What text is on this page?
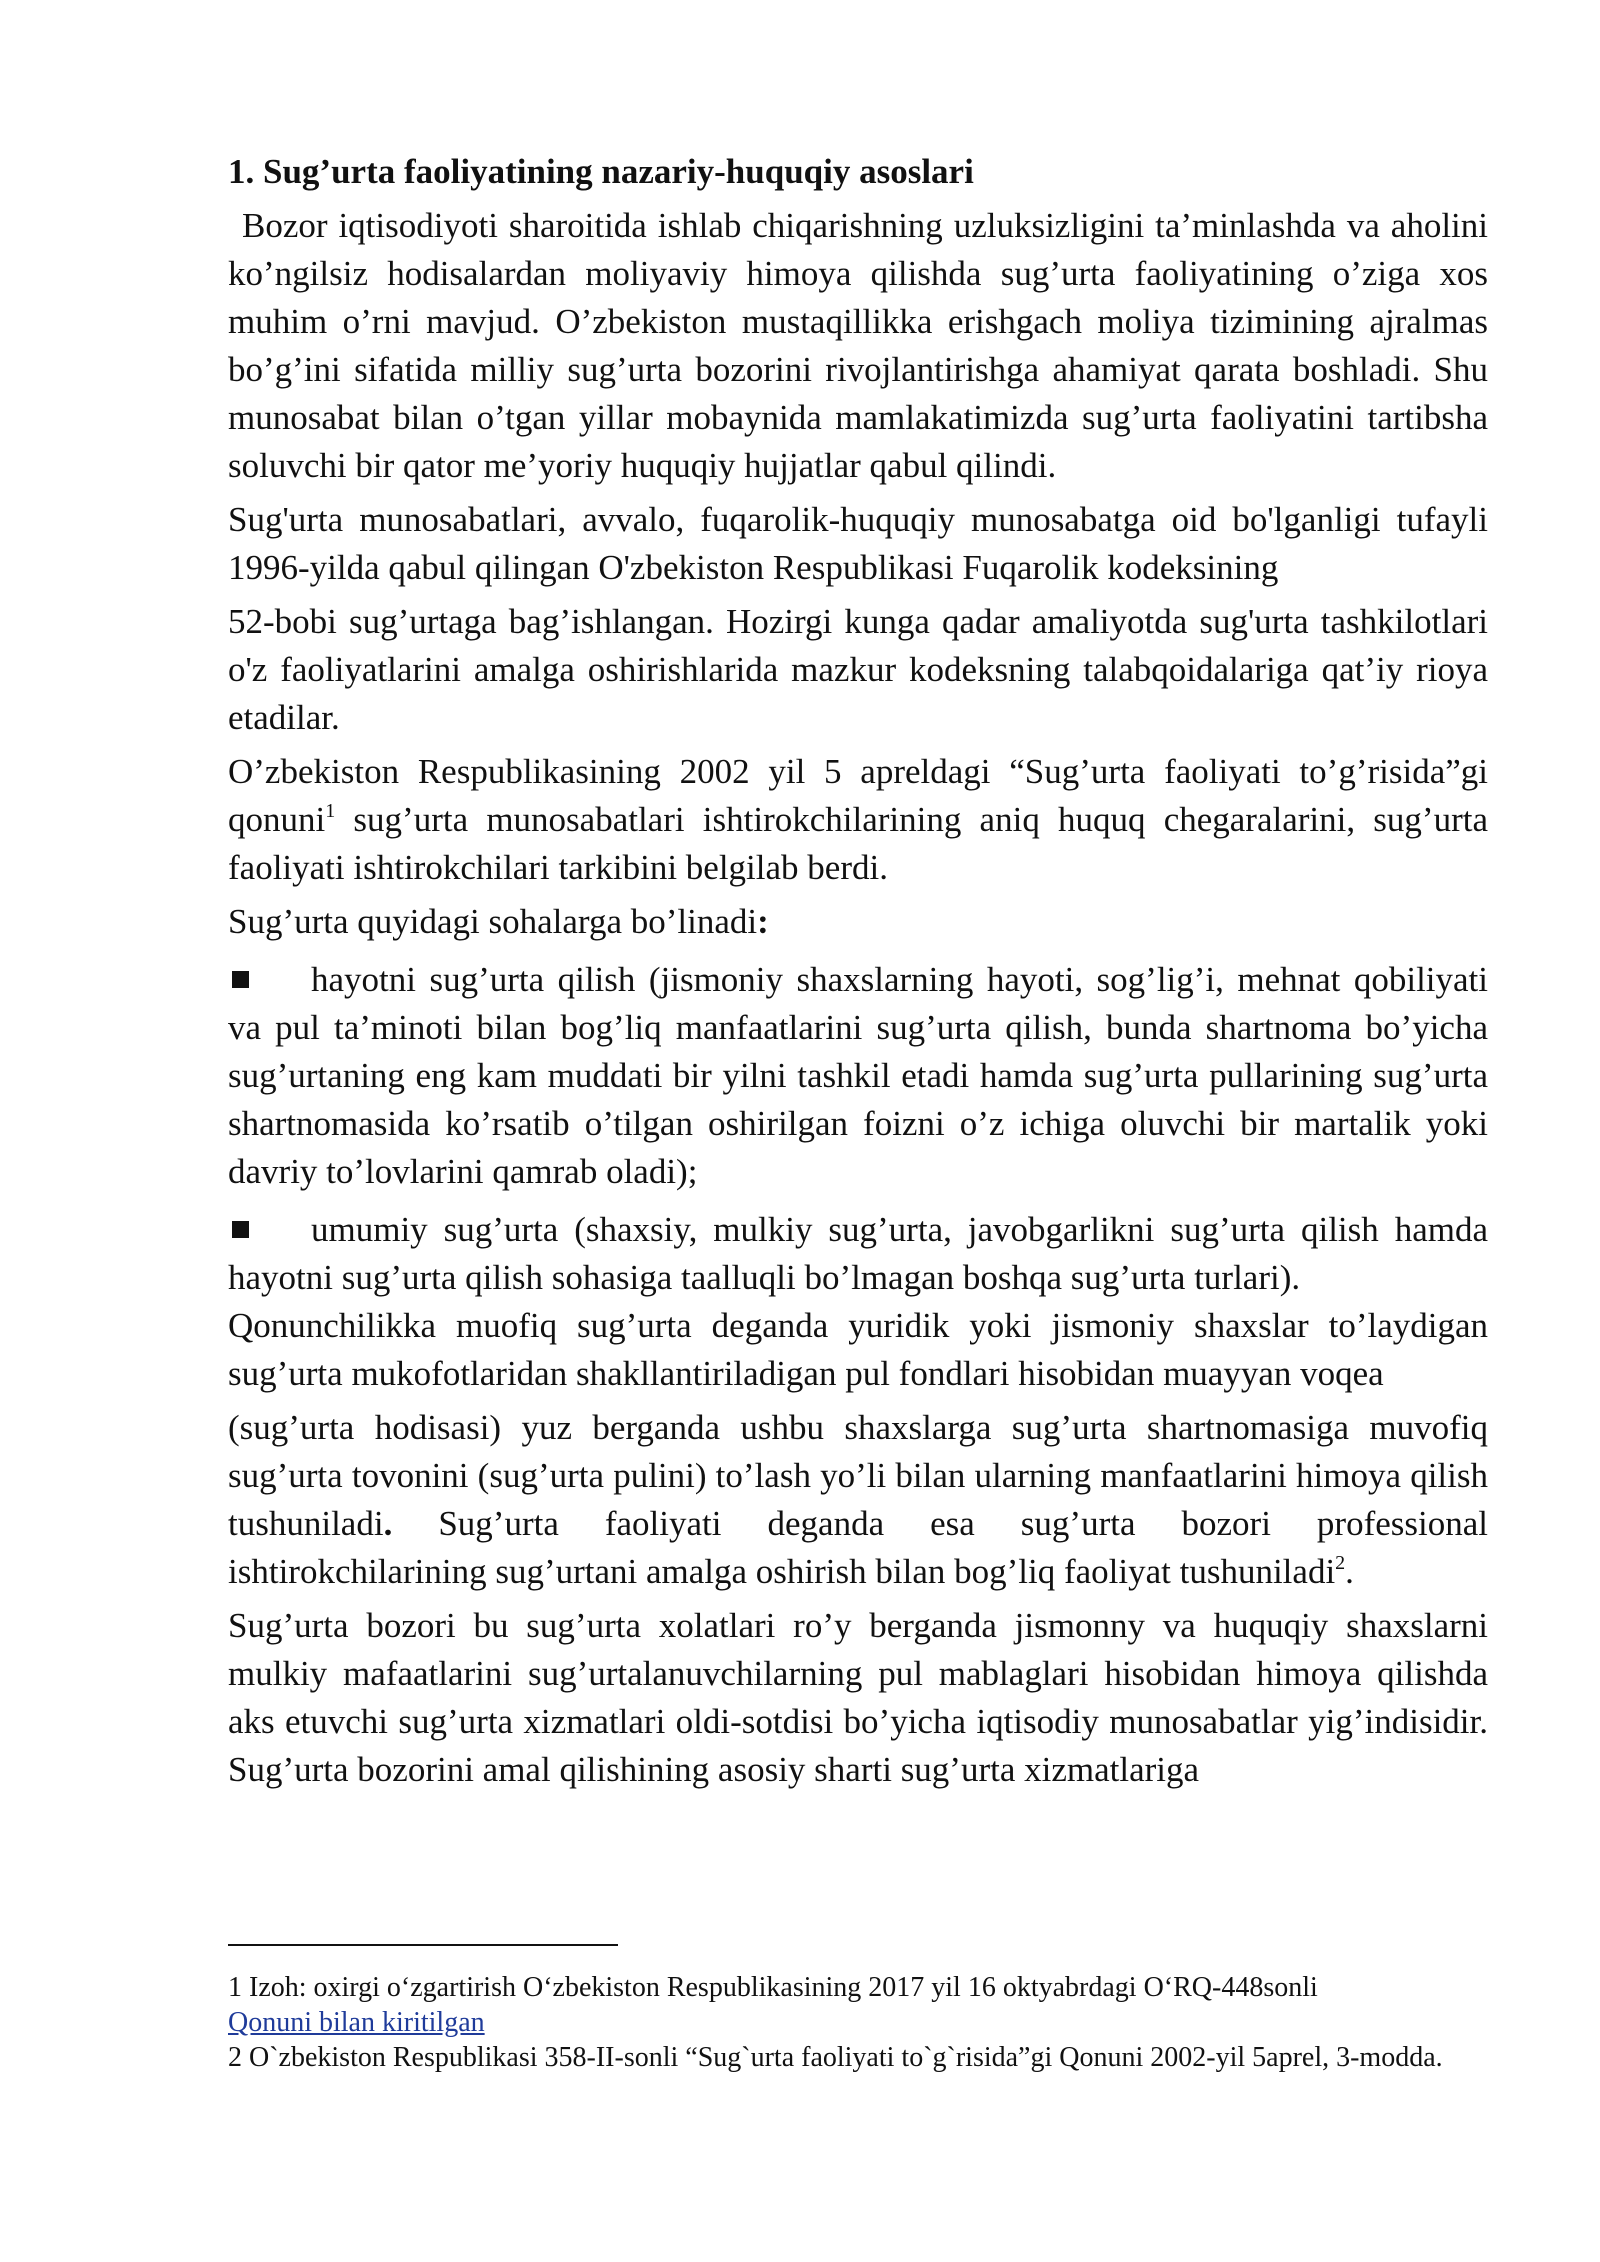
1. Sug’urta faoliyatining nazariy-huquqiy asoslari

Bozor iqtisodiyoti sharoitida ishlab chiqarishning uzluksizligini ta’minlashda va aholini ko’ngilsiz hodisalardan moliyaviy himoya qilishda sug’urta faoliyatining o’ziga xos muhim o’rni mavjud. O’zbekiston mustaqillikka erishgach moliya tizimining ajralmas bo’g’ini sifatida milliy sug’urta bozorini rivojlantirishga ahamiyat qarata boshladi. Shu munosabat bilan o’tgan yillar mobaynida mamlakatimizda sug’urta faoliyatini tartibsha soluvchi bir qator me’yoriy huquqiy hujjatlar qabul qilindi.

Sug'urta munosabatlari, avvalo, fuqarolik-huquqiy munosabatga oid bo'lganligi tufayli 1996-yilda qabul qilingan O'zbekiston Respublikasi Fuqarolik kodeksining

52-bobi sug’urtaga bag’ishlangan. Hozirgi kunga qadar amaliyotda sug'urta tashkilotlari o'z faoliyatlarini amalga oshirishlarida mazkur kodeksning talabqoidalariga qat’iy rioya etadilar.

O’zbekiston Respublikasining 2002 yil 5 apreldagi “Sug’urta faoliyati to’g’risida”gi qonuni$^1$ sug’urta munosabatlari ishtirokchilarining aniq huquq chegaralarini, sug’urta faoliyati ishtirokchilari tarkibini belgilab berdi.

Sug’urta quyidagi sohalarga bo’linadi:

hayotni sug’urta qilish (jismoniy shaxslarning hayoti, sog’lig’i, mehnat qobiliyati va pul ta’minoti bilan bog’liq manfaatlarini sug’urta qilish, bunda shartnoma bo’yicha sug’urtaning eng kam muddati bir yilni tashkil etadi hamda sug’urta pullarining sug’urta shartnomasida ko’rsatib o’tilgan oshirilgan foizni o’z ichiga oluvchi bir martalik yoki davriy to’lovlarini qamrab oladi);

umumiy sug’urta (shaxsiy, mulkiy sug’urta, javobgarlikni sug’urta qilish hamda hayotni sug’urta qilish sohasiga taalluqli bo’lmagan boshqa sug’urta turlari).

Qonunchilikka muofiq sug’urta deganda yuridik yoki jismoniy shaxslar to’laydigan sug’urta mukofotlaridan shakllantiriladigan pul fondlari hisobidan muayyan voqea

(sug’urta hodisasi) yuz berganda ushbu shaxslarga sug’urta shartnomasiga muvofiq sug’urta tovonini (sug’urta pulini) to’lash yo’li bilan ularning manfaatlarini himoya qilish tushuniladi. Sug’urta faoliyati deganda esa sug’urta bozori professional ishtirokchilarining sug’urtani amalga oshirish bilan bog’liq faoliyat tushuniladi$^2$.

Sug’urta bozori bu sug’urta xolatlari ro’y berganda jismonny va huquqiy shaxslarni mulkiy mafaatlarini sug’urtalanuvchilarning pul mablaglari hisobidan himoya qilishda aks etuvchi sug’urta xizmatlari oldi-sotdisi bo’yicha iqtisodiy munosabatlar yig’indisidir. Sug’urta bozorini amal qilishining asosiy sharti sug’urta xizmatlariga

1 Izoh: oxirgi o‘zgartirish O‘zbekiston Respublikasining 2017 yil 16 oktyabrdagi O‘RQ-448sonli
Qonuni bilan kiritilgan

2 O`zbekiston Respublikasi 358-II-sonli “Sug`urta faoliyati to`g`risida”gi Qonuni 2002-yil 5aprel, 3-modda.
